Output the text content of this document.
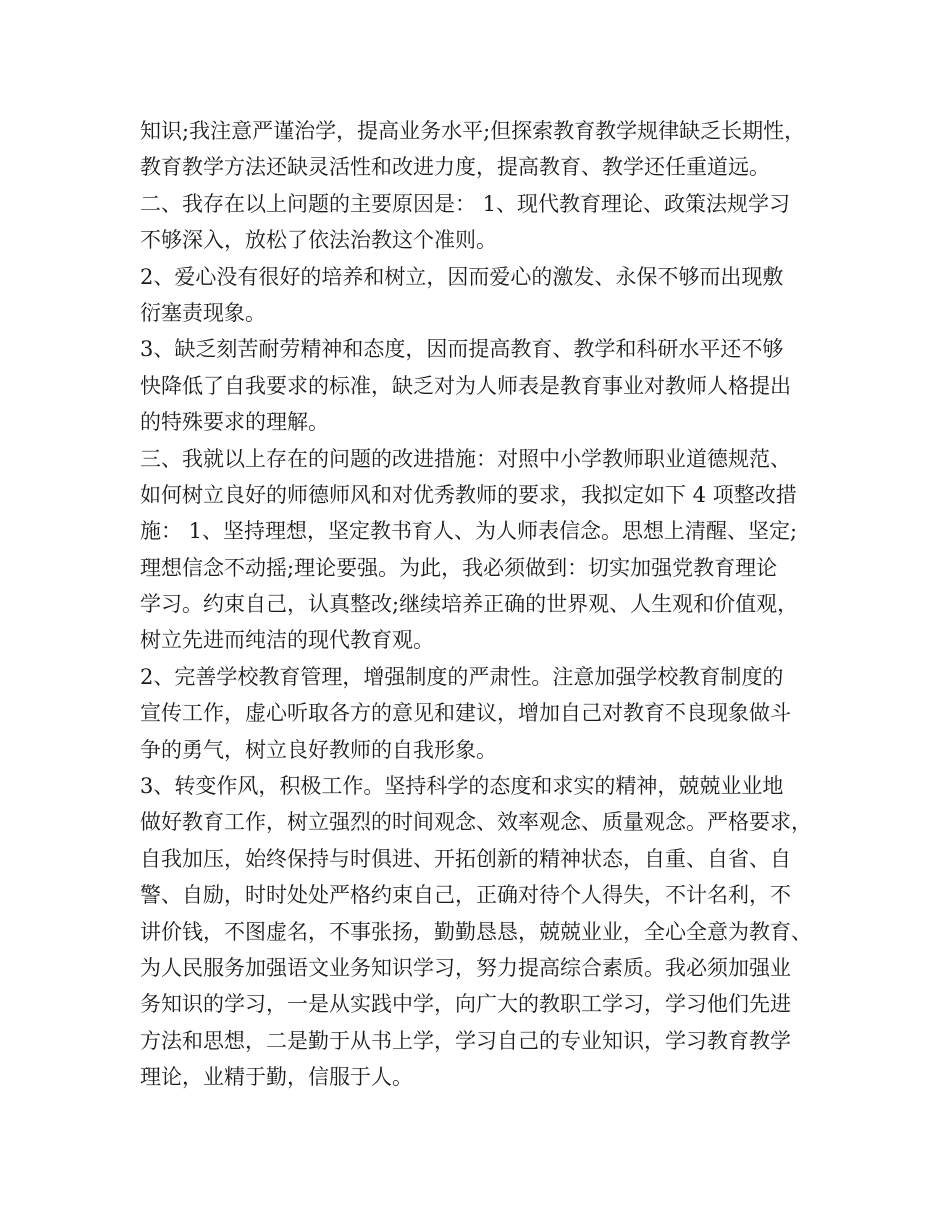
知识;我注意严谨治学，提高业务水平;但探索教育教学规律缺乏长期性，
教育教学方法还缺灵活性和改进力度，提高教育、教学还任重道远。
二、我存在以上问题的主要原因是： 1、现代教育理论、政策法规学习
不够深入，放松了依法治教这个准则。
2、爱心没有很好的培养和树立，因而爱心的激发、永保不够而出现敷
衍塞责现象。
3、缺乏刻苦耐劳精神和态度，因而提高教育、教学和科研水平还不够
快降低了自我要求的标准，缺乏对为人师表是教育事业对教师人格提出
的特殊要求的理解。
三、我就以上存在的问题的改进措施：对照中小学教师职业道德规范、
如何树立良好的师德师风和对优秀教师的要求，我拟定如下 4 项整改措
施： 1、坚持理想，坚定教书育人、为人师表信念。思想上清醒、坚定;
理想信念不动摇;理论要强。为此，我必须做到：切实加强党教育理论
学习。约束自己，认真整改;继续培养正确的世界观、人生观和价值观，
树立先进而纯洁的现代教育观。
2、完善学校教育管理，增强制度的严肃性。注意加强学校教育制度的
宣传工作，虚心听取各方的意见和建议，增加自己对教育不良现象做斗
争的勇气，树立良好教师的自我形象。
3、转变作风，积极工作。坚持科学的态度和求实的精神，兢兢业业地
做好教育工作，树立强烈的时间观念、效率观念、质量观念。严格要求，
自我加压，始终保持与时俱进、开拓创新的精神状态，自重、自省、自
警、自励，时时处处严格约束自己，正确对待个人得失，不计名利，不
讲价钱，不图虚名，不事张扬，勤勤恳恳，兢兢业业，全心全意为教育、
为人民服务加强语文业务知识学习，努力提高综合素质。我必须加强业
务知识的学习，一是从实践中学，向广大的教职工学习，学习他们先进
方法和思想，二是勤于从书上学，学习自己的专业知识，学习教育教学
理论，业精于勤，信服于人。
